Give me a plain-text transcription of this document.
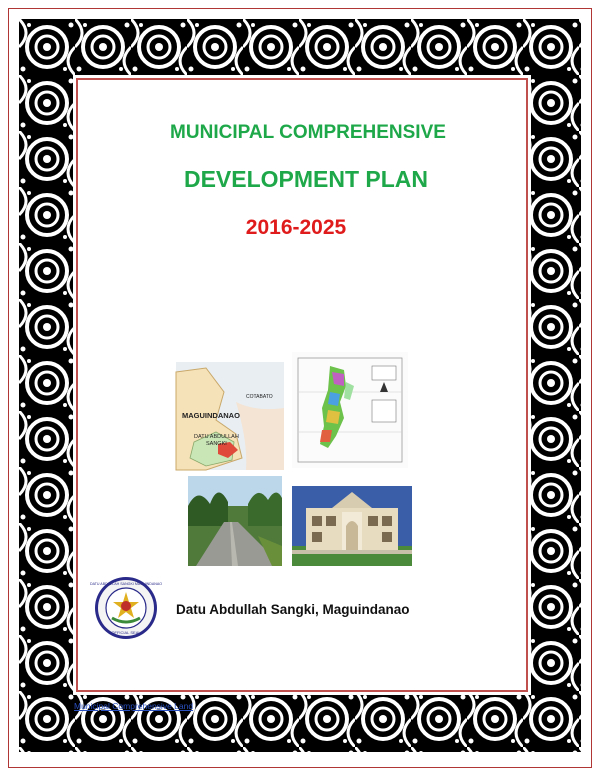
MUNICIPAL COMPREHENSIVE
DEVELOPMENT PLAN
2016-2025
MAGUINDANAO
COTABATO
DATU ABDULLAH
SANGKI
DATU ABDULLAH SANGKI MAGUINDANAO
OFFICIAL SEAL
Datu Abdullah Sangki, Maguindanao
Municipal Comprehensive Land
